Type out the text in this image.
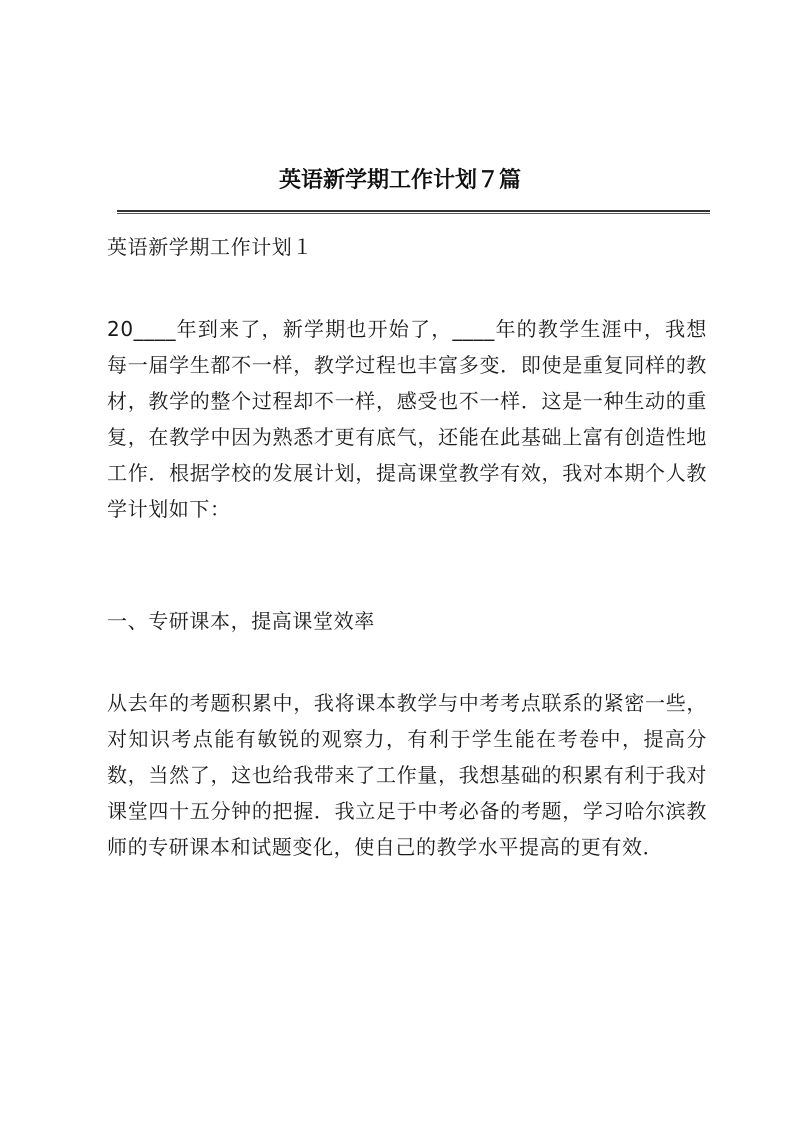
英语新学期工作计划７篇
英语新学期工作计划１
20____年到来了，新学期也开始了，____年的教学生涯中，我想每一届学生都不一样，教学过程也丰富多变．即使是重复同样的教材，教学的整个过程却不一样，感受也不一样．这是一种生动的重复，在教学中因为熟悉才更有底气，还能在此基础上富有创造性地工作．根据学校的发展计划，提高课堂教学有效，我对本期个人教学计划如下：
一、专研课本，提高课堂效率
从去年的考题积累中，我将课本教学与中考考点联系的紧密一些，对知识考点能有敏锐的观察力，有利于学生能在考卷中，提高分数，当然了，这也给我带来了工作量，我想基础的积累有利于我对课堂四十五分钟的把握．我立足于中考必备的考题，学习哈尔滨教师的专研课本和试题变化，使自己的教学水平提高的更有效．
